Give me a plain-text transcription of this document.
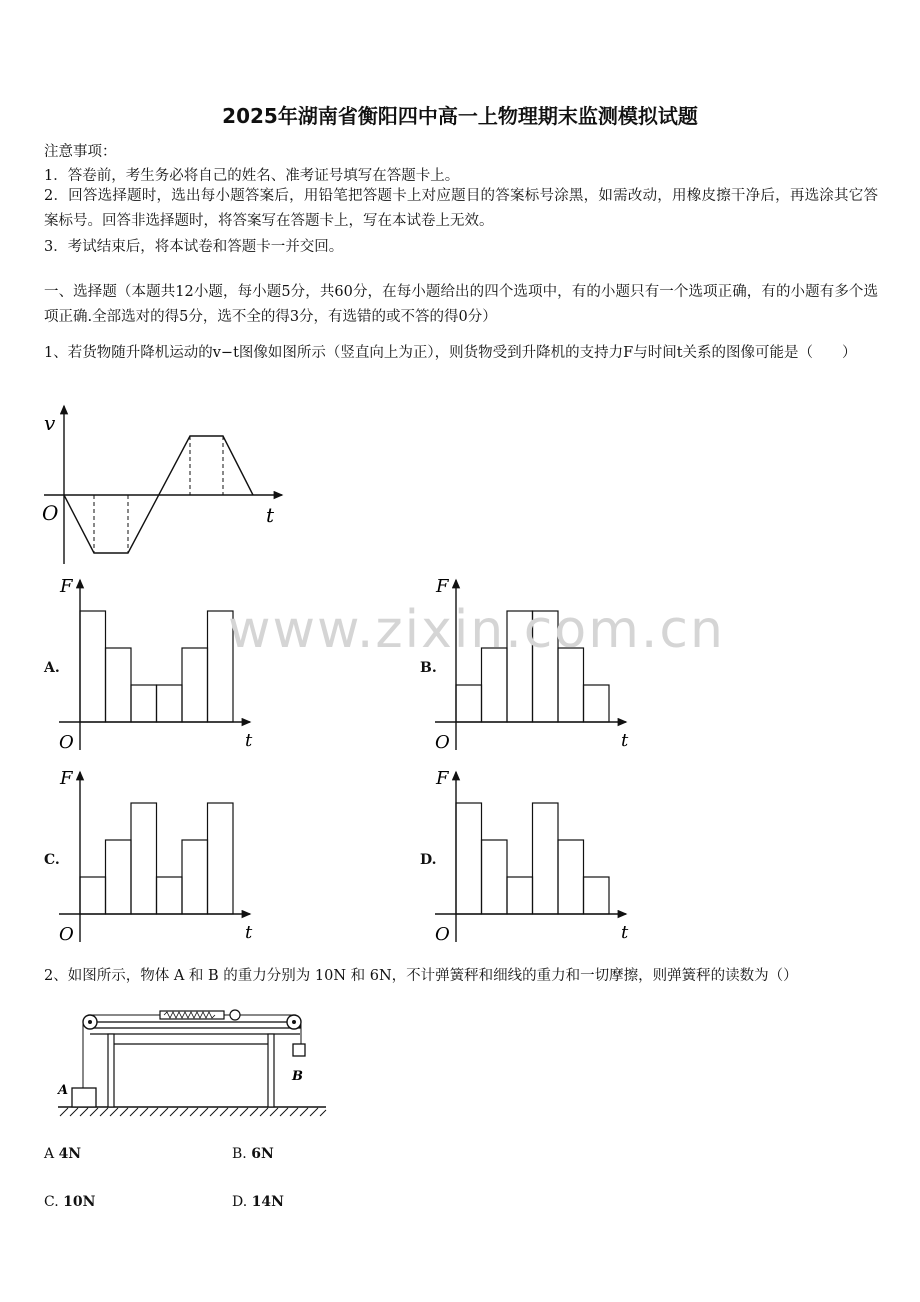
2025年湖南省衡阳四中高一上物理期末监测模拟试题
注意事项：
1．答卷前，考生务必将自己的姓名、准考证号填写在答题卡上。
2．回答选择题时，选出每小题答案后，用铅笔把答题卡上对应题目的答案标号涂黑，如需改动，用橡皮擦干净后，再选涂其它答案标号。回答非选择题时，将答案写在答题卡上，写在本试卷上无效。
3．考试结束后，将本试卷和答题卡一并交回。
一、选择题（本题共12小题，每小题5分，共60分，在每小题给出的四个选项中，有的小题只有一个选项正确，有的小题有多个选项正确.全部选对的得5分，选不全的得3分，有选错的或不答的得0分）
1、若货物随升降机运动的v−t图像如图所示（竖直向上为正），则货物受到升降机的支持力F与时间t关系的图像可能是（　　）
v
t
O
A.
F
t
O
B.
F
t
O
C.
F
t
O
D.
F
t
O
www.zixin.com.cn
2、如图所示，物体 A 和 B 的重力分别为 10N 和 6N，不计弹簧秤和细线的重力和一切摩擦，则弹簧秤的读数为（）
A
B
A 4N	B. 6N
C. 10N	D. 14N
